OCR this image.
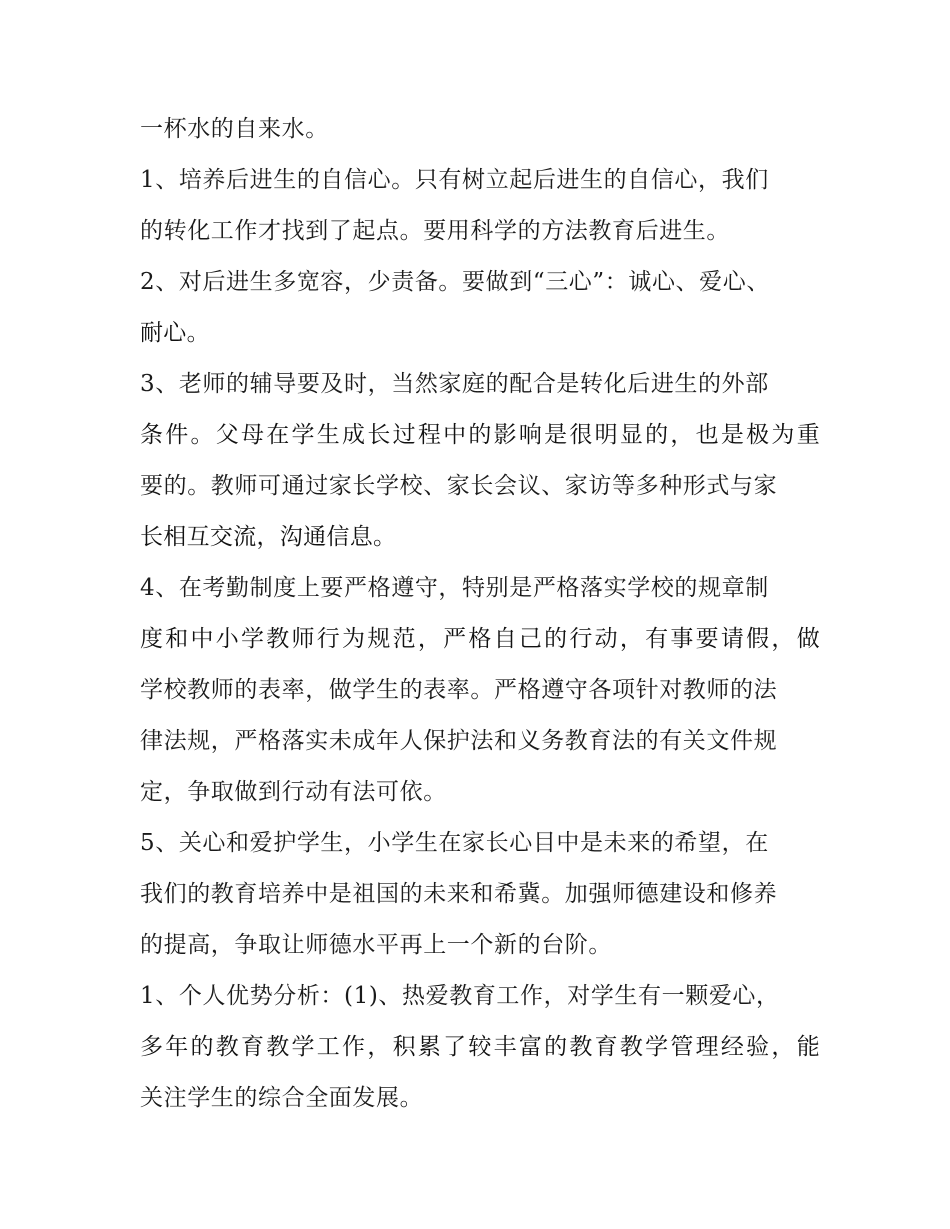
一杯水的自来水。
1、培养后进生的自信心。只有树立起后进生的自信心，我们
的转化工作才找到了起点。要用科学的方法教育后进生。
2、对后进生多宽容，少责备。要做到“三心”：诚心、爱心、
耐心。
3、老师的辅导要及时，当然家庭的配合是转化后进生的外部
条件。父母在学生成长过程中的影响是很明显的，也是极为重
要的。教师可通过家长学校、家长会议、家访等多种形式与家
长相互交流，沟通信息。
4、在考勤制度上要严格遵守，特别是严格落实学校的规章制
度和中小学教师行为规范，严格自己的行动，有事要请假，做
学校教师的表率，做学生的表率。严格遵守各项针对教师的法
律法规，严格落实未成年人保护法和义务教育法的有关文件规
定，争取做到行动有法可依。
5、关心和爱护学生，小学生在家长心目中是未来的希望，在
我们的教育培养中是祖国的未来和希冀。加强师德建设和修养
的提高，争取让师德水平再上一个新的台阶。
1、个人优势分析：(1)、热爱教育工作，对学生有一颗爱心，
多年的教育教学工作，积累了较丰富的教育教学管理经验，能
关注学生的综合全面发展。
